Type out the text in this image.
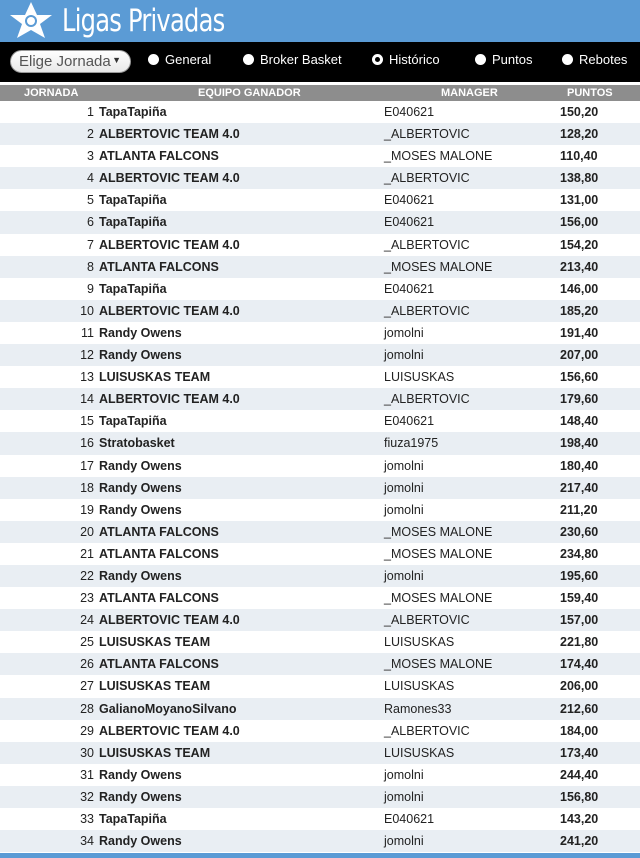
Ligas Privadas
Elige Jornada ▼	General	Broker Basket	Histórico	Puntos	Rebotes
JORNADA	EQUIPO GANADOR	MANAGER	PUNTOS
1 TapaTapiña	E040621	150,20
2 ALBERTOVIC TEAM 4.0	_ALBERTOVIC	128,20
3 ATLANTA FALCONS	_MOSES MALONE	110,40
4 ALBERTOVIC TEAM 4.0	_ALBERTOVIC	138,80
5 TapaTapiña	E040621	131,00
6 TapaTapiña	E040621	156,00
7 ALBERTOVIC TEAM 4.0	_ALBERTOVIC	154,20
8 ATLANTA FALCONS	_MOSES MALONE	213,40
9 TapaTapiña	E040621	146,00
10 ALBERTOVIC TEAM 4.0	_ALBERTOVIC	185,20
11 Randy Owens	jomolni	191,40
12 Randy Owens	jomolni	207,00
13 LUISUSKAS TEAM	LUISUSKAS	156,60
14 ALBERTOVIC TEAM 4.0	_ALBERTOVIC	179,60
15 TapaTapiña	E040621	148,40
16 Stratobasket	fiuza1975	198,40
17 Randy Owens	jomolni	180,40
18 Randy Owens	jomolni	217,40
19 Randy Owens	jomolni	211,20
20 ATLANTA FALCONS	_MOSES MALONE	230,60
21 ATLANTA FALCONS	_MOSES MALONE	234,80
22 Randy Owens	jomolni	195,60
23 ATLANTA FALCONS	_MOSES MALONE	159,40
24 ALBERTOVIC TEAM 4.0	_ALBERTOVIC	157,00
25 LUISUSKAS TEAM	LUISUSKAS	221,80
26 ATLANTA FALCONS	_MOSES MALONE	174,40
27 LUISUSKAS TEAM	LUISUSKAS	206,00
28 GalianoMoyanoSilvano	Ramones33	212,60
29 ALBERTOVIC TEAM 4.0	_ALBERTOVIC	184,00
30 LUISUSKAS TEAM	LUISUSKAS	173,40
31 Randy Owens	jomolni	244,40
32 Randy Owens	jomolni	156,80
33 TapaTapiña	E040621	143,20
34 Randy Owens	jomolni	241,20
